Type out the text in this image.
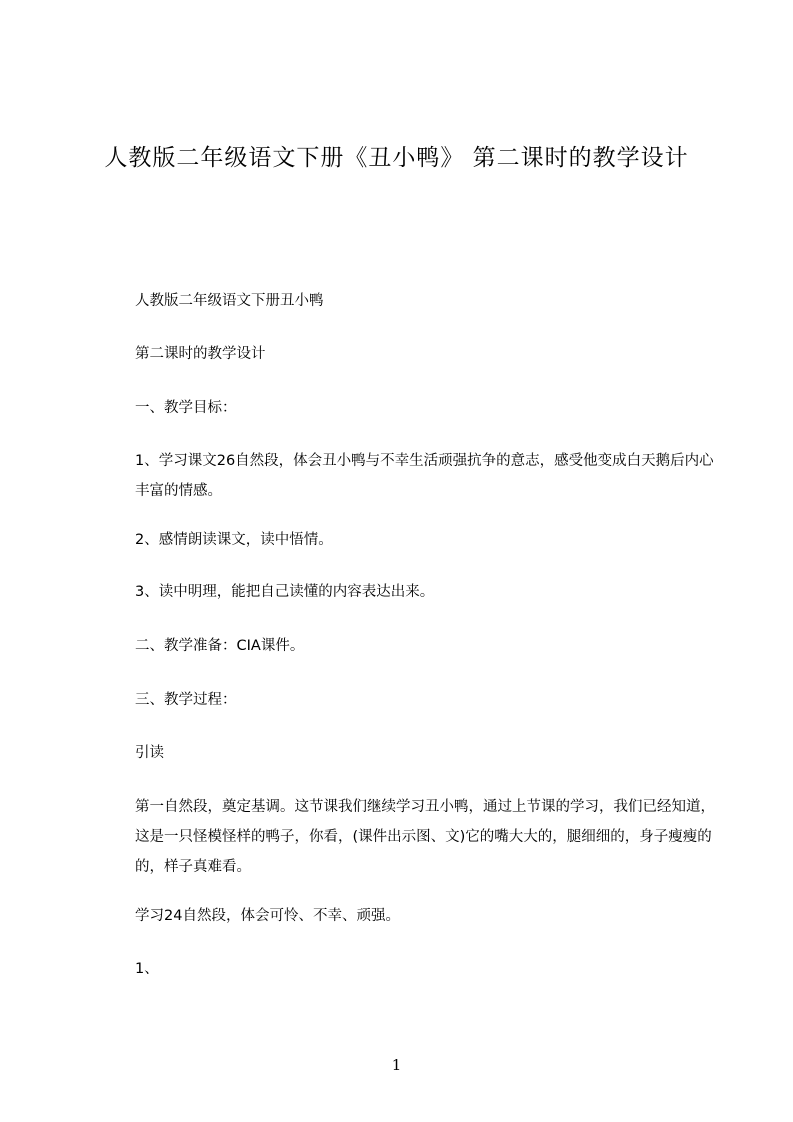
人教版二年级语文下册《丑小鸭》 第二课时的教学设计
人教版二年级语文下册丑小鸭
第二课时的教学设计
一、教学目标：
1、学习课文26自然段，体会丑小鸭与不幸生活顽强抗争的意志，感受他变成白天鹅后内心丰富的情感。
2、感情朗读课文，读中悟情。
3、读中明理，能把自己读懂的内容表达出来。
二、教学准备：CIA课件。
三、教学过程：
引读
第一自然段，奠定基调。这节课我们继续学习丑小鸭，通过上节课的学习，我们已经知道，这是一只怪模怪样的鸭子，你看，(课件出示图、文)它的嘴大大的，腿细细的，身子瘦瘦的的，样子真难看。
学习24自然段，体会可怜、不幸、顽强。
1、
1
